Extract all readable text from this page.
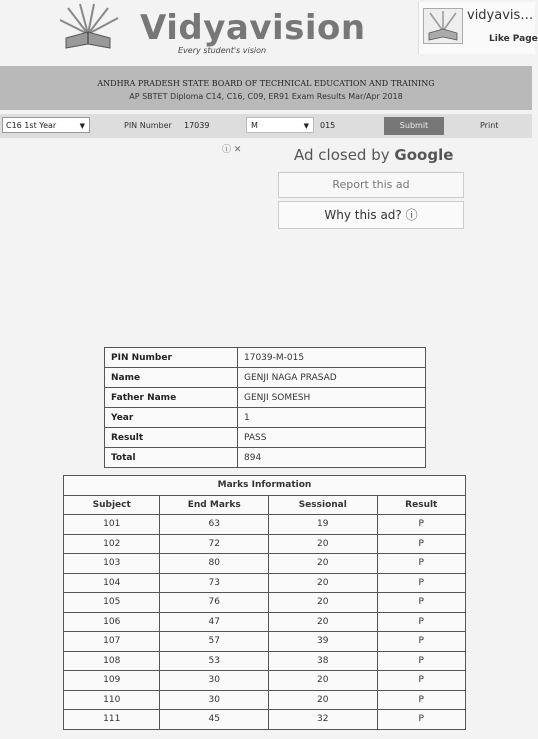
Vidyavision
Every student's vision
vidyavis…
Like Page
ANDHRA PRADESH STATE BOARD OF TECHNICAL EDUCATION AND TRAINING
AP SBTET Diploma C14, C16, C09, ER91 Exam Results Mar/Apr 2018
C16 1st Year	▼	PIN Number 17039	M	▼ 015	Submit	Print
ⓘ ✕	Ad closed by Google
Report this ad
Why this ad? ⓘ
PIN Number	17039-M-015
Name	GENJI NAGA PRASAD
Father Name	GENJI SOMESH
Year	1
Result	PASS
Total	894
Marks Information			
Subject	End Marks	Sessional	Result
101	63	19	P
102	72	20	P
103	80	20	P
104	73	20	P
105	76	20	P
106	47	20	P
107	57	39	P
108	53	38	P
109	30	20	P
110	30	20	P
111	45	32	P
